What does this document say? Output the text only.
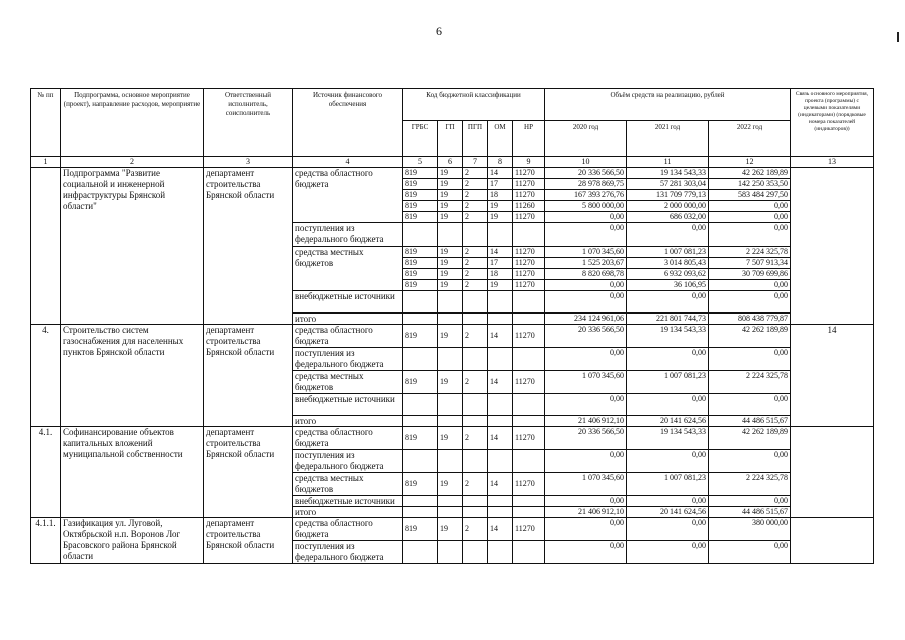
6
№ пп	Подпрограмма, основное мероприятие (проект), направление расходов, мероприятие	Ответственный исполнитель, соисполнитель	Источник финансового обеспечения	Код бюджетной классификации					Объём средств на реализацию, рублей			Связь основного мероприятия, проекта (программы) с целевыми показателями (индикаторами) (порядковые номера показателей (индикаторов))
				ГРБС	ГП	ПГП	ОМ	НР	2020 год	2021 год	2022 год	
1	2	3	4	5	6	7	8	9	10	11	12	13
	Подпрограмма "Развитие социальной и инженерной инфраструктуры Брянской области"	департамент строительства Брянской области	средства областного бюджета	819	19	2	14	11270	20 336 566,50	19 134 543,33	42 262 189,89	
				819	19	2	17	11270	28 978 869,75	57 281 303,04	142 250 353,50	
				819	19	2	18	11270	167 393 276,76	131 709 779,13	583 484 297,50	
				819	19	2	19	11260	5 800 000,00	2 000 000,00	0,00	
				819	19	2	19	11270	0,00	686 032,00	0,00	
			поступления из федерального бюджета						0,00	0,00	0,00	
			средства местных бюджетов	819	19	2	14	11270	1 070 345,60	1 007 081,23	2 224 325,78	
				819	19	2	17	11270	1 525 203,67	3 014 805,43	7 507 913,34	
				819	19	2	18	11270	8 820 698,78	6 932 093,62	30 709 699,86	
				819	19	2	19	11270	0,00	36 106,95	0,00	
			внебюджетные источники						0,00	0,00	0,00	

			итого						234 124 961,06	221 801 744,73	808 438 779,87	
4.	Строительство систем газоснабжения для населенных пунктов Брянской области	департамент строительства Брянской области	средства областного бюджета	819	19	2	14	11270	20 336 566,50	19 134 543,33	42 262 189,89	14
			поступления из федерального бюджета						0,00	0,00	0,00	
			средства местных бюджетов	819	19	2	14	11270	1 070 345,60	1 007 081,23	2 224 325,78	
			внебюджетные источники						0,00	0,00	0,00	
			итого						21 406 912,10	20 141 624,56	44 486 515,67	
4.1.	Софинансирование объектов капитальных вложений муниципальной собственности	департамент строительства Брянской области	средства областного бюджета	819	19	2	14	11270	20 336 566,50	19 134 543,33	42 262 189,89	
			поступления из федерального бюджета						0,00	0,00	0,00	
			средства местных бюджетов	819	19	2	14	11270	1 070 345,60	1 007 081,23	2 224 325,78	
			внебюджетные источники						0,00	0,00	0,00	
			итого						21 406 912,10	20 141 624,56	44 486 515,67	
4.1.1.	Газификация ул. Луговой, Октябрьской н.п. Воронов Лог Брасовского района Брянской области	департамент строительства Брянской области	средства областного бюджета	819	19	2	14	11270	0,00	0,00	380 000,00	
			поступления из федерального бюджета						0,00	0,00	0,00	
